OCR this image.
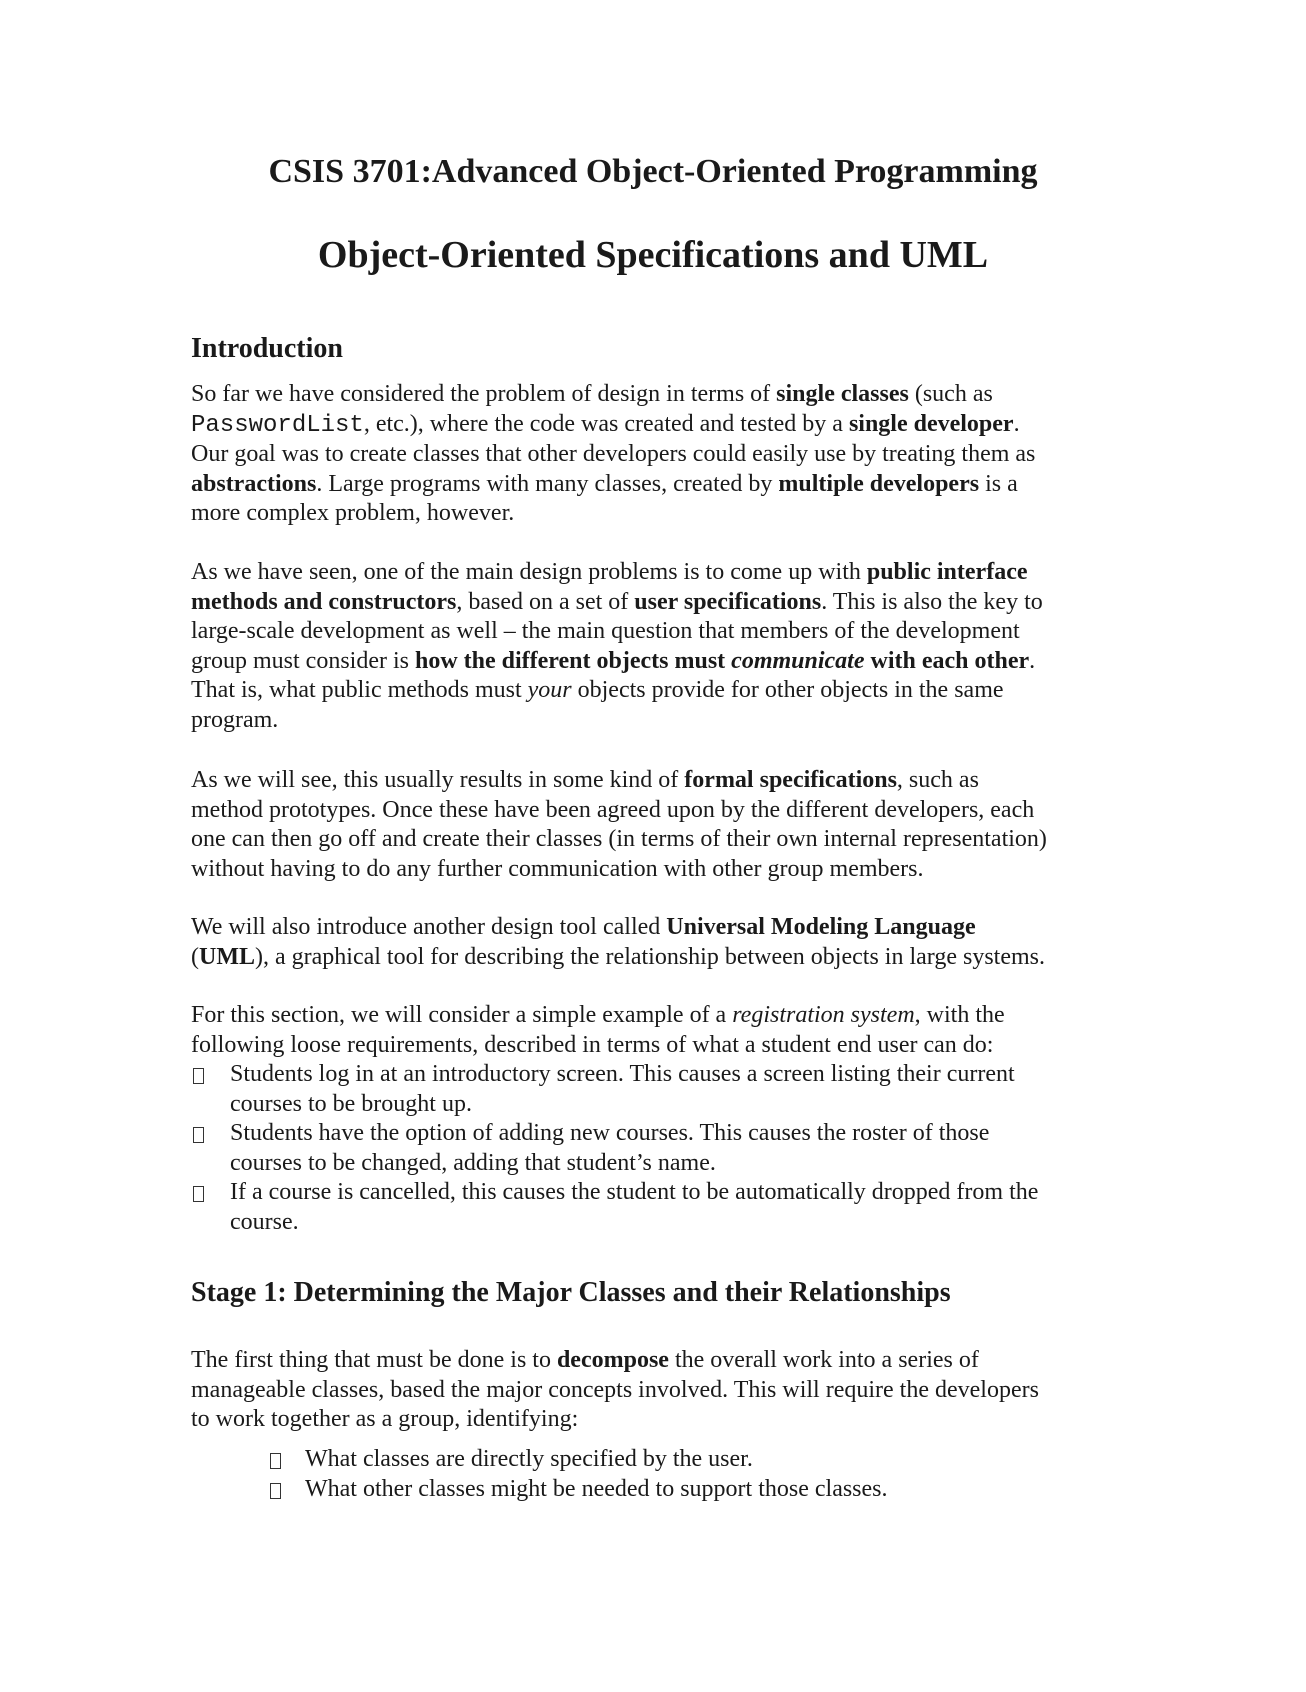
CSIS 3701:Advanced Object-Oriented Programming
Object-Oriented Specifications and UML
Introduction

So far we have considered the problem of design in terms of single classes (such as
PasswordList, etc.), where the code was created and tested by a single developer.
Our goal was to create classes that other developers could easily use by treating them as
abstractions. Large programs with many classes, created by multiple developers is a
more complex problem, however.

As we have seen, one of the main design problems is to come up with public interface
methods and constructors, based on a set of user specifications. This is also the key to
large-scale development as well – the main question that members of the development
group must consider is how the different objects must communicate with each other.
That is, what public methods must your objects provide for other objects in the same
program.

As we will see, this usually results in some kind of formal specifications, such as
method prototypes. Once these have been agreed upon by the different developers, each
one can then go off and create their classes (in terms of their own internal representation)
without having to do any further communication with other group members.

We will also introduce another design tool called Universal Modeling Language
(UML), a graphical tool for describing the relationship between objects in large systems.

For this section, we will consider a simple example of a registration system, with the
following loose requirements, described in terms of what a student end user can do:

Students log in at an introductory screen. This causes a screen listing their current
courses to be brought up.
Students have the option of adding new courses. This causes the roster of those
courses to be changed, adding that student’s name.
If a course is cancelled, this causes the student to be automatically dropped from the
course.
Stage 1: Determining the Major Classes and their Relationships

The first thing that must be done is to decompose the overall work into a series of
manageable classes, based the major concepts involved. This will require the developers
to work together as a group, identifying:

What classes are directly specified by the user.
What other classes might be needed to support those classes.
